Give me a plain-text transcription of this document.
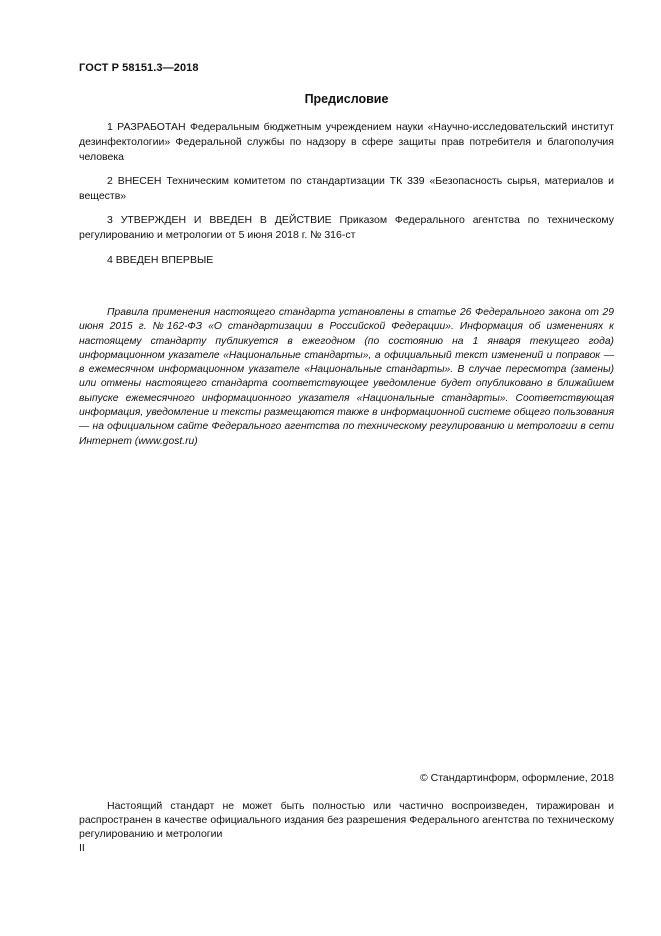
ГОСТ Р 58151.3—2018
Предисловие

1 РАЗРАБОТАН Федеральным бюджетным учреждением науки «Научно-исследовательский институт дезинфектологии» Федеральной службы по надзору в сфере защиты прав потребителя и благополучия человека

2 ВНЕСЕН Техническим комитетом по стандартизации ТК 339 «Безопасность сырья, материалов и веществ»

3 УТВЕРЖДЕН И ВВЕДЕН В ДЕЙСТВИЕ Приказом Федерального агентства по техническому регулированию и метрологии от 5 июня 2018 г. № 316-ст

4 ВВЕДЕН ВПЕРВЫЕ

Правила применения настоящего стандарта установлены в статье 26 Федерального закона от 29 июня 2015 г. №162-ФЗ «О стандартизации в Российской Федерации». Информация об изменениях к настоящему стандарту публикуется в ежегодном (по состоянию на 1 января текущего года) информационном указателе «Национальные стандарты», а официальный текст изменений и поправок — в ежемесячном информационном указателе «Национальные стандарты». В случае пересмотра (замены) или отмены настоящего стандарта соответствующее уведомление будет опубликовано в ближайшем выпуске ежемесячного информационного указателя «Национальные стандарты». Соответствующая информация, уведомление и тексты размещаются также в информационной системе общего пользования — на официальном сайте Федерального агентства по техническому регулированию и метрологии в сети Интернет (www.gost.ru)

© Стандартинформ, оформление, 2018

Настоящий стандарт не может быть полностью или частично воспроизведен, тиражирован и распространен в качестве официального издания без разрешения Федерального агентства по техническому регулированию и метрологии

II
